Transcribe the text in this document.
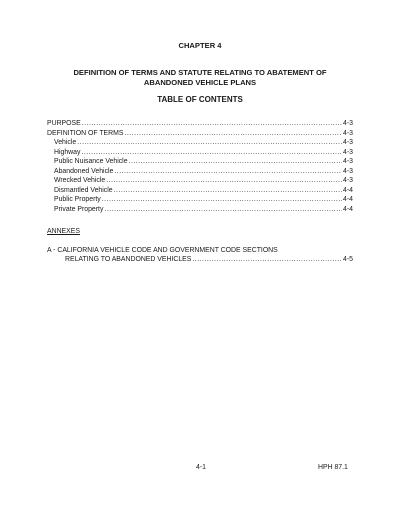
CHAPTER 4
DEFINITION OF TERMS AND STATUTE RELATING TO ABATEMENT OF
ABANDONED VEHICLE PLANS
TABLE OF CONTENTS
PURPOSE .....	4-3
DEFINITION OF TERMS .....	4-3
Vehicle .....	4-3
Highway .....	4-3
Public Nuisance Vehicle .....	4-3
Abandoned Vehicle .....	4-3
Wrecked Vehicle .....	4-3
Dismantled Vehicle .....	4-4
Public Property .....	4-4
Private Property .....	4-4
ANNEXES
A - CALIFORNIA VEHICLE CODE AND GOVERNMENT CODE SECTIONS
RELATING TO ABANDONED VEHICLES .....	4-5
4-1	HPH 87.1
